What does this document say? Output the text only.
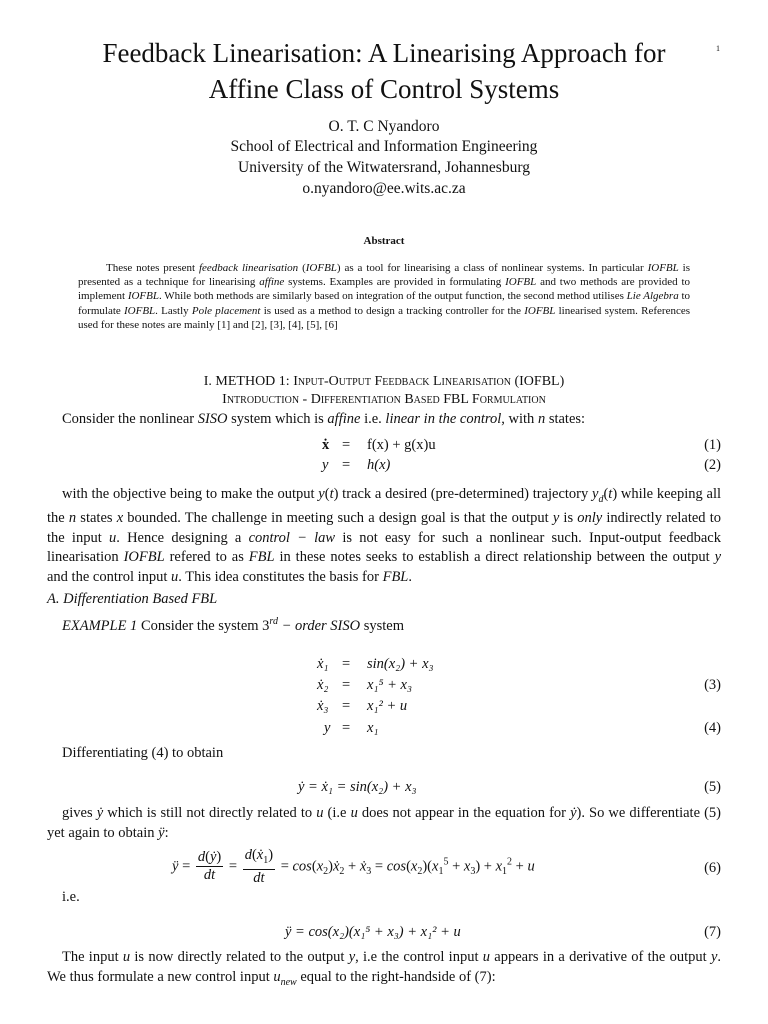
Feedback Linearisation: A Linearising Approach for	1
Affine Class of Control Systems
O. T. C Nyandoro
School of Electrical and Information Engineering
University of the Witwatersrand, Johannesburg
o.nyandoro@ee.wits.ac.za
Abstract

These notes present feedback linearisation (IOFBL) as a tool for linearising a class of nonlinear systems. In particular IOFBL is presented as a technique for linearising affine systems. Examples are provided in formulating IOFBL and two methods are provided to implement IOFBL. While both methods are similarly based on integration of the output function, the second method utilises Lie Algebra to formulate IOFBL. Lastly Pole placement is used as a method to design a tracking controller for the IOFBL linearised system. References used for these notes are mainly [1] and [2], [3], [4], [5], [6]

I. METHOD 1: Input-Output Feedback Linearisation (IOFBL)
Introduction - Differentiation Based FBL Formulation

Consider the nonlinear SISO system which is affine i.e. linear in the control, with n states:

ẋ = f(x) + g(x)u	(1)
y = h(x)	(2)

with the objective being to make the output y(t) track a desired (pre-determined) trajectory $y_d(t)$ while keeping all the n states x bounded. The challenge in meeting such a design goal is that the output y is only indirectly related to the input u. Hence designing a control − law is not easy for such a nonlinear such. Input-output feedback linearisation IOFBL refered to as FBL in these notes seeks to establish a direct relationship between the output y and the control input u. This idea constitutes the basis for FBL.

A. Differentiation Based FBL

EXAMPLE 1 Consider the system 3rd − order SISO system

ẋ₁ = sin(x₂) + x₃
ẋ₂ = x₁⁵ + x₃	(3)
ẋ₃ = x₁² + u
y = x₁	(4)

Differentiating (4) to obtain

ẏ = ẋ₁ = sin(x₂) + x₃	(5)

gives ẏ which is still not directly related to u (i.e u does not appear in the equation for ẏ). So we differentiate (5) yet again to obtain ÿ:

ÿ = $\frac{\text{d(ẏ)}}{dt} = \frac{d(ẋ_1)}{dt}$ = $\cos(x_2)ẋ_2$ + ẋ$_3$ = $\cos(x_2)(x_1^5 + x_3) + x_1^2 + u$	(6)

i.e.

ÿ = cos(x₂)(x₁⁵ + x₃) + x₁² + u	(7)

The input u is now directly related to the output y, i.e the control input u appears in a derivative of the output y. We thus formulate a new control input $u_{new}$ equal to the right-handside of (7):
